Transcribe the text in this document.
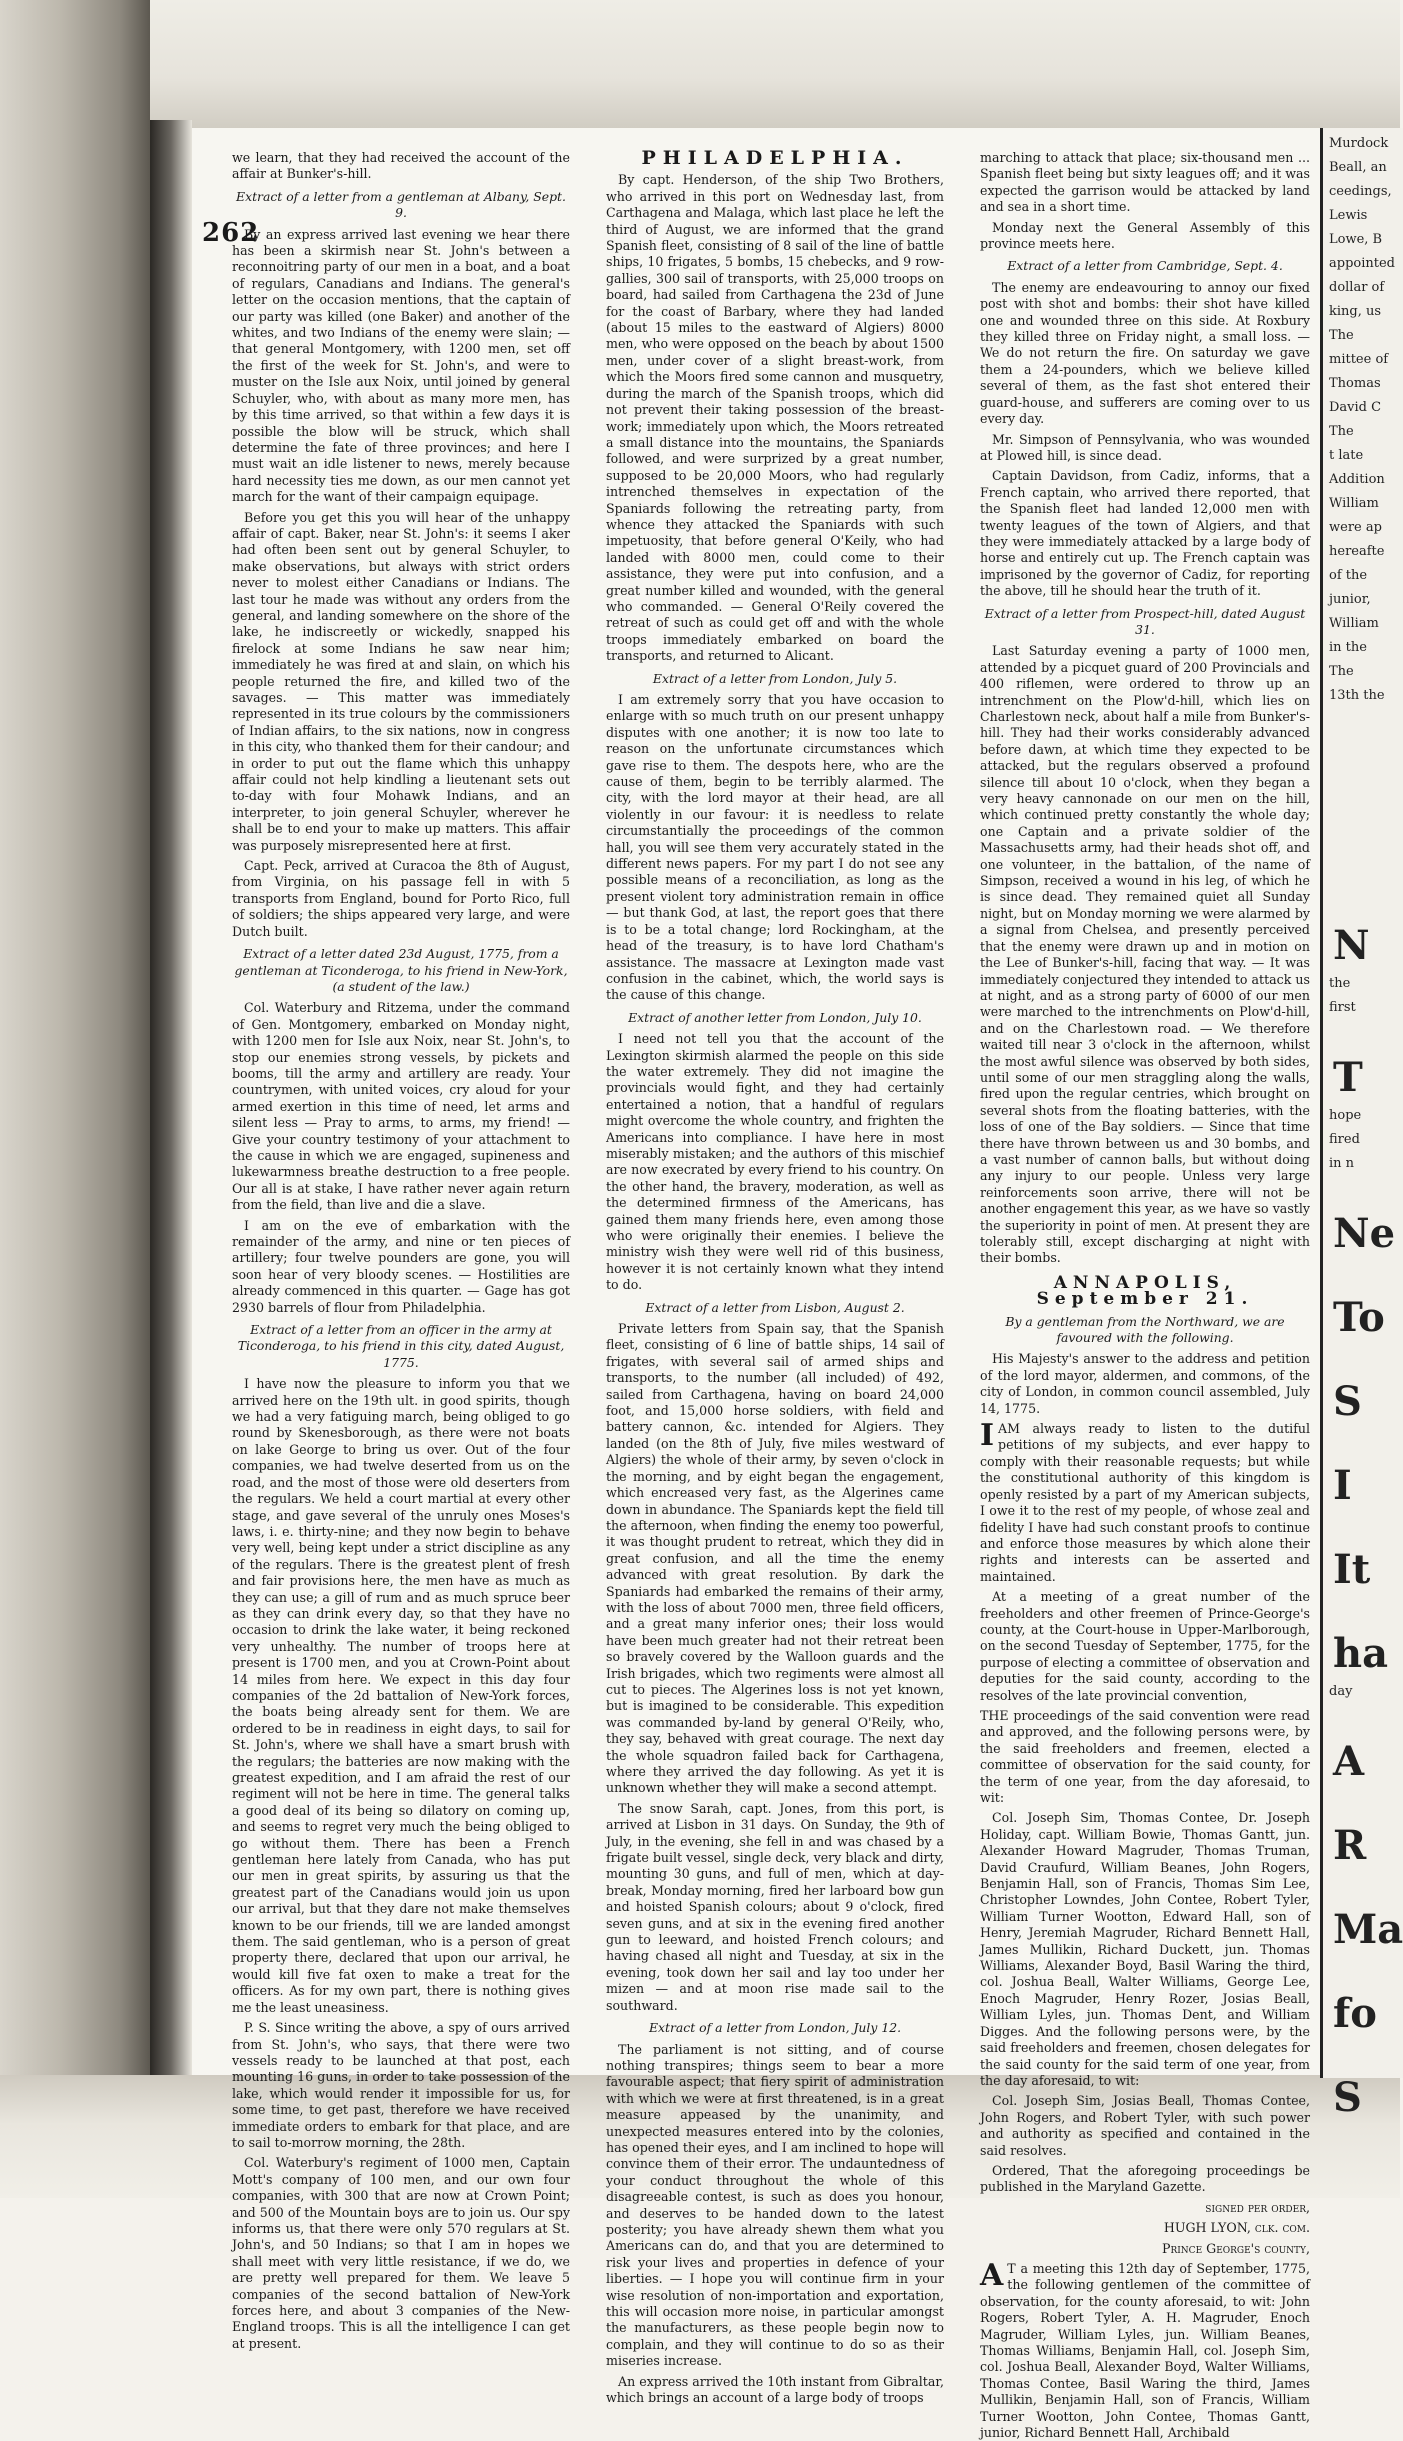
262

we learn, that they had received the account of the affair at Bunker's-hill.

Extract of a letter from a gentleman at Albany, Sept. 9.

By an express arrived last evening we hear there has been a skirmish near St. John's between a reconnoitring party of our men in a boat, and a boat of regulars, Canadians and Indians. The general's letter on the occasion mentions, that the captain of our party was killed (one Baker) and another of the whites, and two Indians of the enemy were slain; — that general Montgomery, with 1200 men, set off the first of the week for St. John's, and were to muster on the Isle aux Noix, until joined by general Schuyler, who, with about as many more men, has by this time arrived, so that within a few days it is possible the blow will be struck, which shall determine the fate of three provinces; and here I must wait an idle listener to news, merely because hard necessity ties me down, as our men cannot yet march for the want of their campaign equipage.

Before you get this you will hear of the unhappy affair of capt. Baker, near St. John's: it seems I aker had often been sent out by general Schuyler, to make observations, but always with strict orders never to molest either Canadians or Indians. The last tour he made was without any orders from the general, and landing somewhere on the shore of the lake, he indiscreetly or wickedly, snapped his firelock at some Indians he saw near him; immediately he was fired at and slain, on which his people returned the fire, and killed two of the savages. — This matter was immediately represented in its true colours by the commissioners of Indian affairs, to the six nations, now in congress in this city, who thanked them for their candour; and in order to put out the flame which this unhappy affair could not help kindling a lieutenant sets out to-day with four Mohawk Indians, and an interpreter, to join general Schuyler, wherever he shall be to end your to make up matters. This affair was purposely misrepresented here at first.

Capt. Peck, arrived at Curacoa the 8th of August, from Virginia, on his passage fell in with 5 transports from England, bound for Porto Rico, full of soldiers; the ships appeared very large, and were Dutch built.

Extract of a letter dated 23d August, 1775, from a gentleman at Ticonderoga, to his friend in New-York, (a student of the law.)

Col. Waterbury and Ritzema, under the command of Gen. Montgomery, embarked on Monday night, with 1200 men for Isle aux Noix, near St. John's, to stop our enemies strong vessels, by pickets and booms, till the army and artillery are ready. Your countrymen, with united voices, cry aloud for your armed exertion in this time of need, let arms and silent less — Pray to arms, to arms, my friend! — Give your country testimony of your attachment to the cause in which we are engaged, supineness and lukewarmness breathe destruction to a free people. Our all is at stake, I have rather never again return from the field, than live and die a slave.

I am on the eve of embarkation with the remainder of the army, and nine or ten pieces of artillery; four twelve pounders are gone, you will soon hear of very bloody scenes. — Hostilities are already commenced in this quarter. — Gage has got 2930 barrels of flour from Philadelphia.

Extract of a letter from an officer in the army at Ticonderoga, to his friend in this city, dated August, 1775.

I have now the pleasure to inform you that we arrived here on the 19th ult. in good spirits, though we had a very fatiguing march, being obliged to go round by Skenesborough, as there were not boats on lake George to bring us over. Out of the four companies, we had twelve deserted from us on the road, and the most of those were old deserters from the regulars. We held a court martial at every other stage, and gave several of the unruly ones Moses's laws, i. e. thirty-nine; and they now begin to behave very well, being kept under a strict discipline as any of the regulars. There is the greatest plent of fresh and fair provisions here, the men have as much as they can use; a gill of rum and as much spruce beer as they can drink every day, so that they have no occasion to drink the lake water, it being reckoned very unhealthy. The number of troops here at present is 1700 men, and you at Crown-Point about 14 miles from here. We expect in this day four companies of the 2d battalion of New-York forces, the boats being already sent for them. We are ordered to be in readiness in eight days, to sail for St. John's, where we shall have a smart brush with the regulars; the batteries are now making with the greatest expedition, and I am afraid the rest of our regiment will not be here in time. The general talks a good deal of its being so dilatory on coming up, and seems to regret very much the being obliged to go without them. There has been a French gentleman here lately from Canada, who has put our men in great spirits, by assuring us that the greatest part of the Canadians would join us upon our arrival, but that they dare not make themselves known to be our friends, till we are landed amongst them. The said gentleman, who is a person of great property there, declared that upon our arrival, he would kill five fat oxen to make a treat for the officers. As for my own part, there is nothing gives me the least uneasiness.

P. S. Since writing the above, a spy of ours arrived from St. John's, who says, that there were two vessels ready to be launched at that post, each mounting 16 guns, in order to take possession of the lake, which would render it impossible for us, for some time, to get past, therefore we have received immediate orders to embark for that place, and are to sail to-morrow morning, the 28th.

Col. Waterbury's regiment of 1000 men, Captain Mott's company of 100 men, and our own four companies, with 300 that are now at Crown Point; and 500 of the Mountain boys are to join us. Our spy informs us, that there were only 570 regulars at St. John's, and 50 Indians; so that I am in hopes we shall meet with very little resistance, if we do, we are pretty well prepared for them. We leave 5 companies of the second battalion of New-York forces here, and about 3 companies of the New-England troops. This is all the intelligence I can get at present.

PHILADELPHIA.

By capt. Henderson, of the ship Two Brothers, who arrived in this port on Wednesday last, from Carthagena and Malaga, which last place he left the third of August, we are informed that the grand Spanish fleet, consisting of 8 sail of the line of battle ships, 10 frigates, 5 bombs, 15 chebecks, and 9 row-gallies, 300 sail of transports, with 25,000 troops on board, had sailed from Carthagena the 23d of June for the coast of Barbary, where they had landed (about 15 miles to the eastward of Algiers) 8000 men, who were opposed on the beach by about 1500 men, under cover of a slight breast-work, from which the Moors fired some cannon and musquetry, during the march of the Spanish troops, which did not prevent their taking possession of the breast-work; immediately upon which, the Moors retreated a small distance into the mountains, the Spaniards followed, and were surprized by a great number, supposed to be 20,000 Moors, who had regularly intrenched themselves in expectation of the Spaniards following the retreating party, from whence they attacked the Spaniards with such impetuosity, that before general O'Keily, who had landed with 8000 men, could come to their assistance, they were put into confusion, and a great number killed and wounded, with the general who commanded. — General O'Reily covered the retreat of such as could get off and with the whole troops immediately embarked on board the transports, and returned to Alicant.

Extract of a letter from London, July 5.

I am extremely sorry that you have occasion to enlarge with so much truth on our present unhappy disputes with one another; it is now too late to reason on the unfortunate circumstances which gave rise to them. The despots here, who are the cause of them, begin to be terribly alarmed. The city, with the lord mayor at their head, are all violently in our favour: it is needless to relate circumstantially the proceedings of the common hall, you will see them very accurately stated in the different news papers. For my part I do not see any possible means of a reconciliation, as long as the present violent tory administration remain in office — but thank God, at last, the report goes that there is to be a total change; lord Rockingham, at the head of the treasury, is to have lord Chatham's assistance. The massacre at Lexington made vast confusion in the cabinet, which, the world says is the cause of this change.

Extract of another letter from London, July 10.

I need not tell you that the account of the Lexington skirmish alarmed the people on this side the water extremely. They did not imagine the provincials would fight, and they had certainly entertained a notion, that a handful of regulars might overcome the whole country, and frighten the Americans into compliance. I have here in most miserably mistaken; and the authors of this mischief are now execrated by every friend to his country. On the other hand, the bravery, moderation, as well as the determined firmness of the Americans, has gained them many friends here, even among those who were originally their enemies. I believe the ministry wish they were well rid of this business, however it is not certainly known what they intend to do.

Extract of a letter from Lisbon, August 2.

Private letters from Spain say, that the Spanish fleet, consisting of 6 line of battle ships, 14 sail of frigates, with several sail of armed ships and transports, to the number (all included) of 492, sailed from Carthagena, having on board 24,000 foot, and 15,000 horse soldiers, with field and battery cannon, &c. intended for Algiers. They landed (on the 8th of July, five miles westward of Algiers) the whole of their army, by seven o'clock in the morning, and by eight began the engagement, which encreased very fast, as the Algerines came down in abundance. The Spaniards kept the field till the afternoon, when finding the enemy too powerful, it was thought prudent to retreat, which they did in great confusion, and all the time the enemy advanced with great resolution. By dark the Spaniards had embarked the remains of their army, with the loss of about 7000 men, three field officers, and a great many inferior ones; their loss would have been much greater had not their retreat been so bravely covered by the Walloon guards and the Irish brigades, which two regiments were almost all cut to pieces. The Algerines loss is not yet known, but is imagined to be considerable. This expedition was commanded by-land by general O'Reily, who, they say, behaved with great courage. The next day the whole squadron failed back for Carthagena, where they arrived the day following. As yet it is unknown whether they will make a second attempt.

The snow Sarah, capt. Jones, from this port, is arrived at Lisbon in 31 days. On Sunday, the 9th of July, in the evening, she fell in and was chased by a frigate built vessel, single deck, very black and dirty, mounting 30 guns, and full of men, which at day-break, Monday morning, fired her larboard bow gun and hoisted Spanish colours; about 9 o'clock, fired seven guns, and at six in the evening fired another gun to leeward, and hoisted French colours; and having chased all night and Tuesday, at six in the evening, took down her sail and lay too under her mizen — and at moon rise made sail to the southward.

Extract of a letter from London, July 12.

The parliament is not sitting, and of course nothing transpires; things seem to bear a more favourable aspect; that fiery spirit of administration with which we were at first threatened, is in a great measure appeased by the unanimity, and unexpected measures entered into by the colonies, has opened their eyes, and I am inclined to hope will convince them of their error. The undauntedness of your conduct throughout the whole of this disagreeable contest, is such as does you honour, and deserves to be handed down to the latest posterity; you have already shewn them what you Americans can do, and that you are determined to risk your lives and properties in defence of your liberties. — I hope you will continue firm in your wise resolution of non-importation and exportation, this will occasion more noise, in particular amongst the manufacturers, as these people begin now to complain, and they will continue to do so as their miseries increase.

An express arrived the 10th instant from Gibraltar, which brings an account of a large body of troops

marching to attack that place; six-thousand men ... Spanish fleet being but sixty leagues off; and it was expected the garrison would be attacked by land and sea in a short time.

Monday next the General Assembly of this province meets here.

Extract of a letter from Cambridge, Sept. 4.

The enemy are endeavouring to annoy our fixed post with shot and bombs: their shot have killed one and wounded three on this side. At Roxbury they killed three on Friday night, a small loss. — We do not return the fire. On saturday we gave them a 24-pounders, which we believe killed several of them, as the fast shot entered their guard-house, and sufferers are coming over to us every day.

Mr. Simpson of Pennsylvania, who was wounded at Plowed hill, is since dead.

Captain Davidson, from Cadiz, informs, that a French captain, who arrived there reported, that the Spanish fleet had landed 12,000 men with twenty leagues of the town of Algiers, and that they were immediately attacked by a large body of horse and entirely cut up. The French captain was imprisoned by the governor of Cadiz, for reporting the above, till he should hear the truth of it.

Extract of a letter from Prospect-hill, dated August 31.

Last Saturday evening a party of 1000 men, attended by a picquet guard of 200 Provincials and 400 riflemen, were ordered to throw up an intrenchment on the Plow'd-hill, which lies on Charlestown neck, about half a mile from Bunker's-hill. They had their works considerably advanced before dawn, at which time they expected to be attacked, but the regulars observed a profound silence till about 10 o'clock, when they began a very heavy cannonade on our men on the hill, which continued pretty constantly the whole day; one Captain and a private soldier of the Massachusetts army, had their heads shot off, and one volunteer, in the battalion, of the name of Simpson, received a wound in his leg, of which he is since dead. They remained quiet all Sunday night, but on Monday morning we were alarmed by a signal from Chelsea, and presently perceived that the enemy were drawn up and in motion on the Lee of Bunker's-hill, facing that way. — It was immediately conjectured they intended to attack us at night, and as a strong party of 6000 of our men were marched to the intrenchments on Plow'd-hill, and on the Charlestown road. — We therefore waited till near 3 o'clock in the afternoon, whilst the most awful silence was observed by both sides, until some of our men straggling along the walls, fired upon the regular centries, which brought on several shots from the floating batteries, with the loss of one of the Bay soldiers. — Since that time there have thrown between us and 30 bombs, and a vast number of cannon balls, but without doing any injury to our people. Unless very large reinforcements soon arrive, there will not be another engagement this year, as we have so vastly the superiority in point of men. At present they are tolerably still, except discharging at night with their bombs.

ANNAPOLIS, September 21.

By a gentleman from the Northward, we are favoured with the following.

His Majesty's answer to the address and petition of the lord mayor, aldermen, and commons, of the city of London, in common council assembled, July 14, 1775.

IAM always ready to listen to the dutiful petitions of my subjects, and ever happy to comply with their reasonable requests; but while the constitutional authority of this kingdom is openly resisted by a part of my American subjects, I owe it to the rest of my people, of whose zeal and fidelity I have had such constant proofs to continue and enforce those measures by which alone their rights and interests can be asserted and maintained.

At a meeting of a great number of the freeholders and other freemen of Prince-George's county, at the Court-house in Upper-Marlborough, on the second Tuesday of September, 1775, for the purpose of electing a committee of observation and deputies for the said county, according to the resolves of the late provincial convention,

THE proceedings of the said convention were read and approved, and the following persons were, by the said freeholders and freemen, elected a committee of observation for the said county, for the term of one year, from the day aforesaid, to wit:

Col. Joseph Sim, Thomas Contee, Dr. Joseph Holiday, capt. William Bowie, Thomas Gantt, jun. Alexander Howard Magruder, Thomas Truman, David Craufurd, William Beanes, John Rogers, Benjamin Hall, son of Francis, Thomas Sim Lee, Christopher Lowndes, John Contee, Robert Tyler, William Turner Wootton, Edward Hall, son of Henry, Jeremiah Magruder, Richard Bennett Hall, James Mullikin, Richard Duckett, jun. Thomas Williams, Alexander Boyd, Basil Waring the third, col. Joshua Beall, Walter Williams, George Lee, Enoch Magruder, Henry Rozer, Josias Beall, William Lyles, jun. Thomas Dent, and William Digges. And the following persons were, by the said freeholders and freemen, chosen delegates for the said county for the said term of one year, from the day aforesaid, to wit:

Col. Joseph Sim, Josias Beall, Thomas Contee, John Rogers, and Robert Tyler, with such power and authority as specified and contained in the said resolves.

Ordered, That the aforegoing proceedings be published in the Maryland Gazette.

signed per order,

HUGH LYON, clk. com.

Prince George's county,

A T a meeting this 12th day of September, 1775, the following gentlemen of the committee of observation, for the county aforesaid, to wit: John Rogers, Robert Tyler, A. H. Magruder, Enoch Magruder, William Lyles, jun. William Beanes, Thomas Williams, Benjamin Hall, col. Joseph Sim, col. Joshua Beall, Alexander Boyd, Walter Williams, Thomas Contee, Basil Waring the third, James Mullikin, Benjamin Hall, son of Francis, William Turner Wootton, John Contee, Thomas Gantt, junior, Richard Bennett Hall, Archibald

Murdock
Beall, an
ceedings,
Lewis
Lowe, B
appointed
dollar of
king, us
The
mittee of
Thomas
David C
The
t late
Addition
William
were ap
hereafte
of the
junior,
William
in the
The
13th the
N
the
first
T
hope
fired
in n
Ne
To
S
I
It
ha
day
A
R
Ma
fo
S
